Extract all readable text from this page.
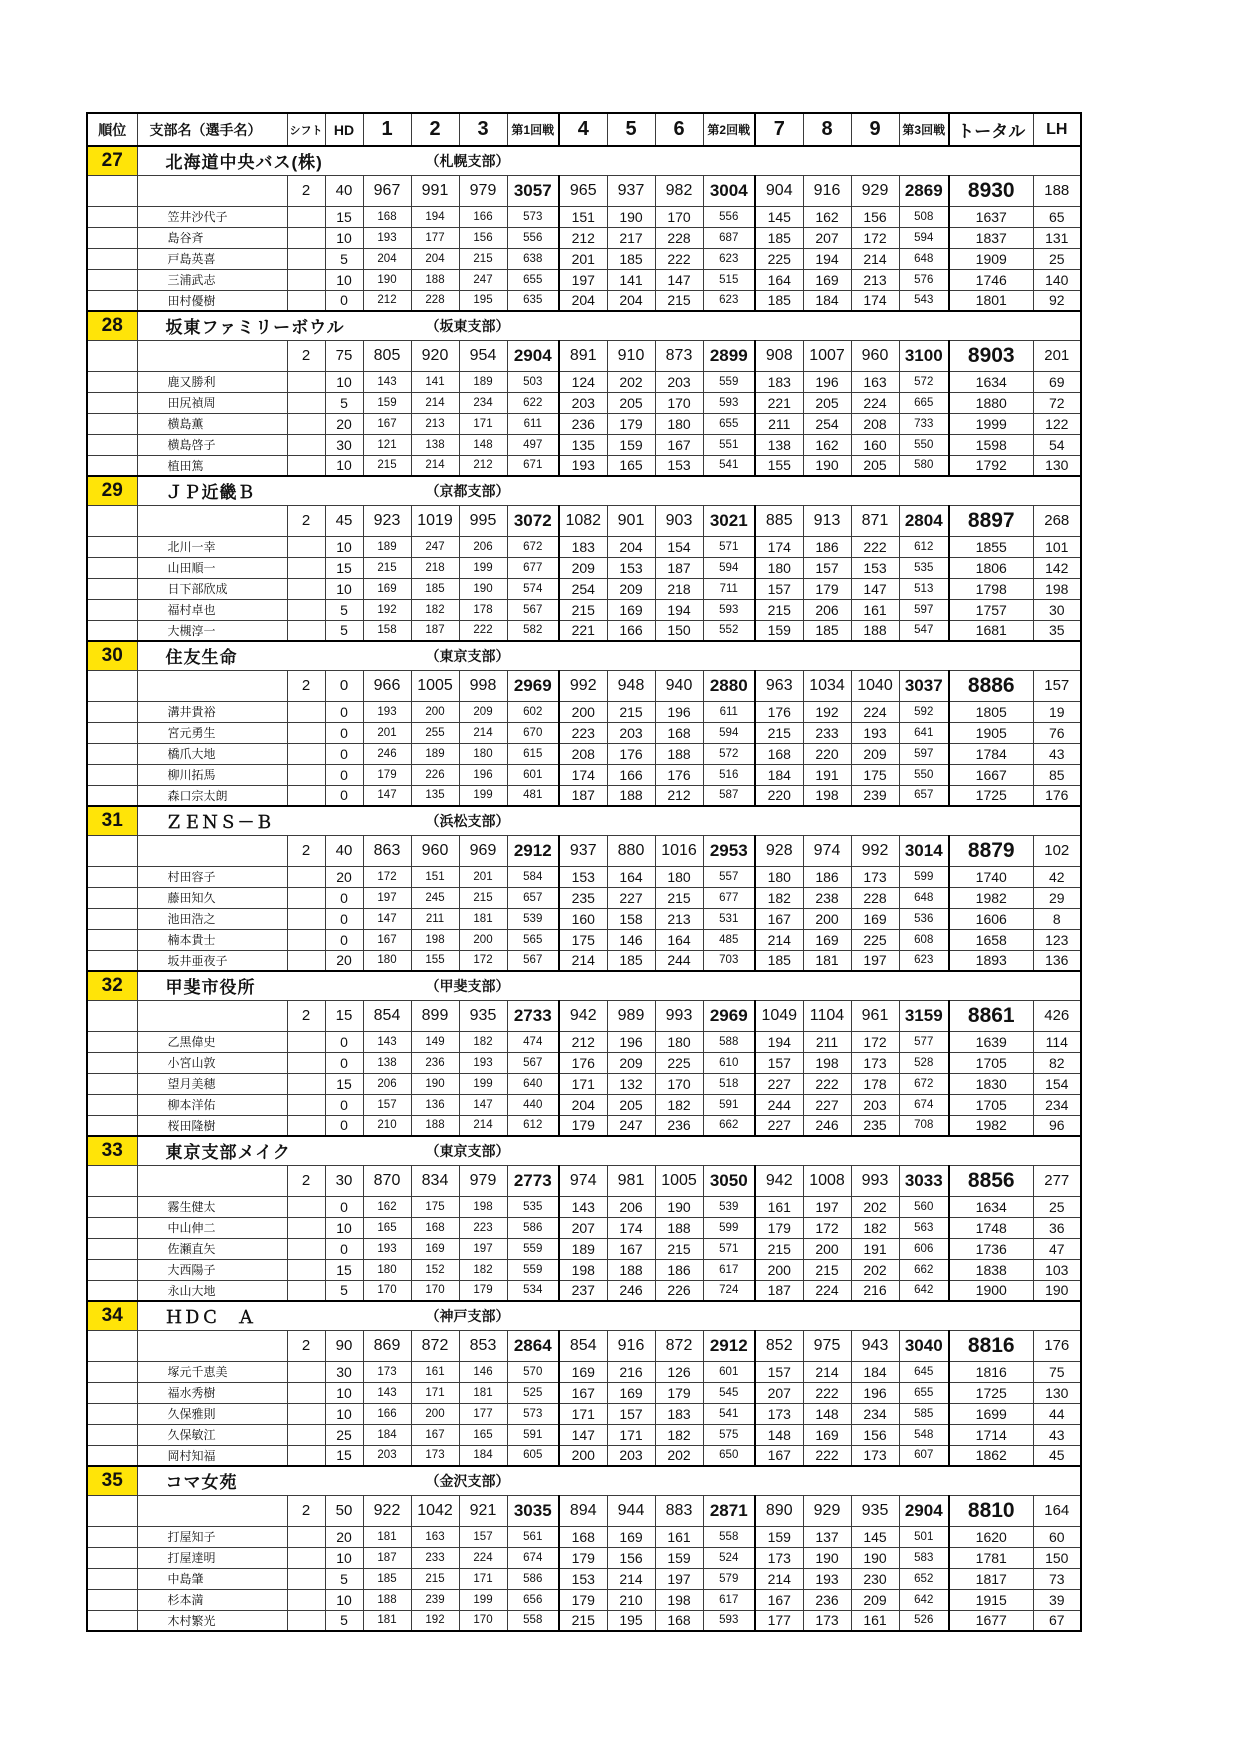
順位	支部名（選手名）	シフト	HD	1	2	3	第1回戦	4	5	6	第2回戦	7	8	9	第3回戦	トータル	LH
27	北海道中央バス(株) （札幌支部）																

		2	40	967	991	979	3057	965	937	982	3004	904	916	929	2869	8930	188
	笠井沙代子		15	168	194	166	573	151	190	170	556	145	162	156	508	1637	65
	島谷斉		10	193	177	156	556	212	217	228	687	185	207	172	594	1837	131
	戸島英喜		5	204	204	215	638	201	185	222	623	225	194	214	648	1909	25
	三浦武志		10	190	188	247	655	197	141	147	515	164	169	213	576	1746	140
	田村優樹		0	212	228	195	635	204	204	215	623	185	184	174	543	1801	92
28	坂東ファミリーボウル （坂東支部）																

		2	75	805	920	954	2904	891	910	873	2899	908	1007	960	3100	8903	201
	鹿又勝利		10	143	141	189	503	124	202	203	559	183	196	163	572	1634	69
	田尻禎周		5	159	214	234	622	203	205	170	593	221	205	224	665	1880	72
	横島薫		20	167	213	171	611	236	179	180	655	211	254	208	733	1999	122
	横島啓子		30	121	138	148	497	135	159	167	551	138	162	160	550	1598	54
	植田篤		10	215	214	212	671	193	165	153	541	155	190	205	580	1792	130
29	ＪＰ近畿Ｂ （京都支部）																

		2	45	923	1019	995	3072	1082	901	903	3021	885	913	871	2804	8897	268
	北川一幸		10	189	247	206	672	183	204	154	571	174	186	222	612	1855	101
	山田順一		15	215	218	199	677	209	153	187	594	180	157	153	535	1806	142
	日下部欣成		10	169	185	190	574	254	209	218	711	157	179	147	513	1798	198
	福村卓也		5	192	182	178	567	215	169	194	593	215	206	161	597	1757	30
	大槻淳一		5	158	187	222	582	221	166	150	552	159	185	188	547	1681	35
30	住友生命 （東京支部）																

		2	0	966	1005	998	2969	992	948	940	2880	963	1034	1040	3037	8886	157
	溝井貴裕		0	193	200	209	602	200	215	196	611	176	192	224	592	1805	19
	宮元勇生		0	201	255	214	670	223	203	168	594	215	233	193	641	1905	76
	橋爪大地		0	246	189	180	615	208	176	188	572	168	220	209	597	1784	43
	柳川拓馬		0	179	226	196	601	174	166	176	516	184	191	175	550	1667	85
	森口宗太朗		0	147	135	199	481	187	188	212	587	220	198	239	657	1725	176
31	ＺＥＮＳ－Ｂ （浜松支部）																

		2	40	863	960	969	2912	937	880	1016	2953	928	974	992	3014	8879	102
	村田容子		20	172	151	201	584	153	164	180	557	180	186	173	599	1740	42
	藤田知久		0	197	245	215	657	235	227	215	677	182	238	228	648	1982	29
	池田浩之		0	147	211	181	539	160	158	213	531	167	200	169	536	1606	8
	楠本貴士		0	167	198	200	565	175	146	164	485	214	169	225	608	1658	123
	坂井亜夜子		20	180	155	172	567	214	185	244	703	185	181	197	623	1893	136
32	甲斐市役所 （甲斐支部）																

		2	15	854	899	935	2733	942	989	993	2969	1049	1104	961	3159	8861	426
	乙黒偉史		0	143	149	182	474	212	196	180	588	194	211	172	577	1639	114
	小宮山敦		0	138	236	193	567	176	209	225	610	157	198	173	528	1705	82
	望月美穂		15	206	190	199	640	171	132	170	518	227	222	178	672	1830	154
	柳本洋佑		0	157	136	147	440	204	205	182	591	244	227	203	674	1705	234
	桜田隆樹		0	210	188	214	612	179	247	236	662	227	246	235	708	1982	96
33	東京支部メイク （東京支部）																

		2	30	870	834	979	2773	974	981	1005	3050	942	1008	993	3033	8856	277
	霧生健太		0	162	175	198	535	143	206	190	539	161	197	202	560	1634	25
	中山伸二		10	165	168	223	586	207	174	188	599	179	172	182	563	1748	36
	佐瀬直矢		0	193	169	197	559	189	167	215	571	215	200	191	606	1736	47
	大西陽子		15	180	152	182	559	198	188	186	617	200	215	202	662	1838	103
	永山大地		5	170	170	179	534	237	246	226	724	187	224	216	642	1900	190
34	ＨＤＣ　Ａ （神戸支部）																

		2	90	869	872	853	2864	854	916	872	2912	852	975	943	3040	8816	176
	塚元千恵美		30	173	161	146	570	169	216	126	601	157	214	184	645	1816	75
	福水秀樹		10	143	171	181	525	167	169	179	545	207	222	196	655	1725	130
	久保雅則		10	166	200	177	573	171	157	183	541	173	148	234	585	1699	44
	久保敏江		25	184	167	165	591	147	171	182	575	148	169	156	548	1714	43
	岡村知福		15	203	173	184	605	200	203	202	650	167	222	173	607	1862	45
35	コマ女苑 （金沢支部）																

		2	50	922	1042	921	3035	894	944	883	2871	890	929	935	2904	8810	164
	打屋知子		20	181	163	157	561	168	169	161	558	159	137	145	501	1620	60
	打屋達明		10	187	233	224	674	179	156	159	524	173	190	190	583	1781	150
	中島肇		5	185	215	171	586	153	214	197	579	214	193	230	652	1817	73
	杉本満		10	188	239	199	656	179	210	198	617	167	236	209	642	1915	39
	木村繁光		5	181	192	170	558	215	195	168	593	177	173	161	526	1677	67
